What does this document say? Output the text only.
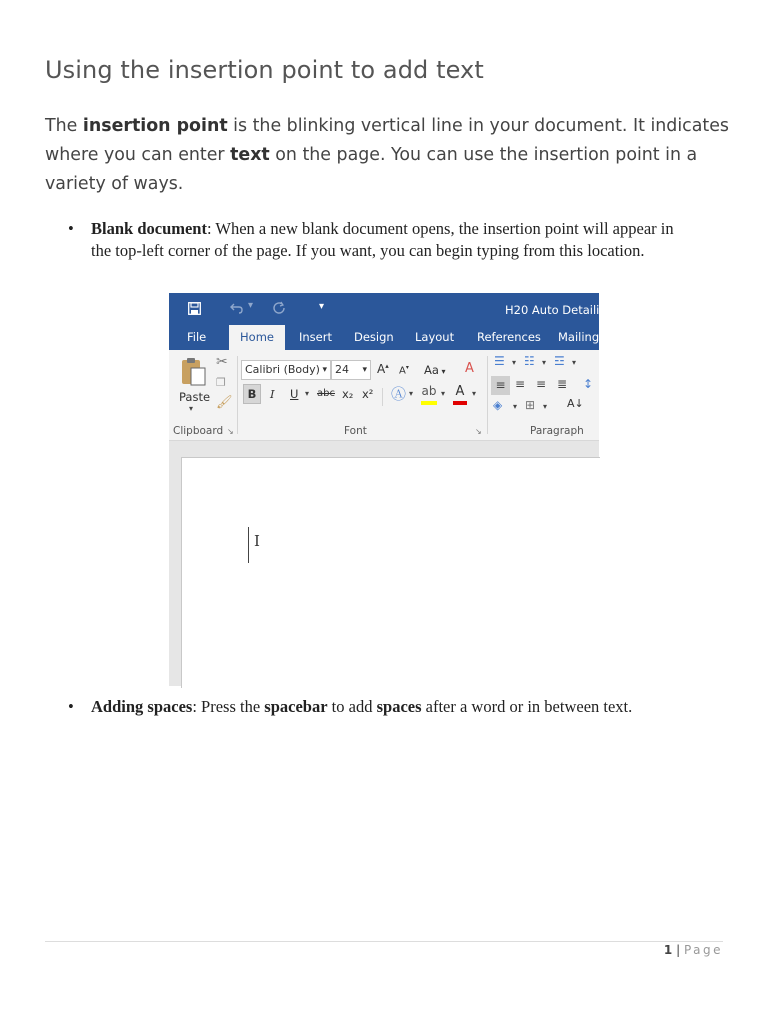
Using the insertion point to add text

The insertion point is the blinking vertical line in your document. It indicates where you can enter text on the page. You can use the insertion point in a variety of ways.

• Blank document: When a new blank document opens, the insertion point will appear in the top-left corner of the page. If you want, you can begin typing from this location.
▾	▾	H20 Auto Detailing
File	Home	Insert Design Layout References Mailings
Paste
▾
✂
❐
🖌
Calibri (Body) ▾ 24 ▾ A▴ A▾ Aa ▾ A
B	I U ▾ abc x₂ x² Ⓐ ▾ ab ▾ A ▾
☰ ▾ ☷ ▾ ☲ ▾
≡ ≡ ≡ ≣ ↕
◈ ▾ ⊞ ▾ A↓
Clipboard ↘	Font	↘	Paragraph
I
• Adding spaces: Press the spacebar to add spaces after a word or in between text.
1 | Page
